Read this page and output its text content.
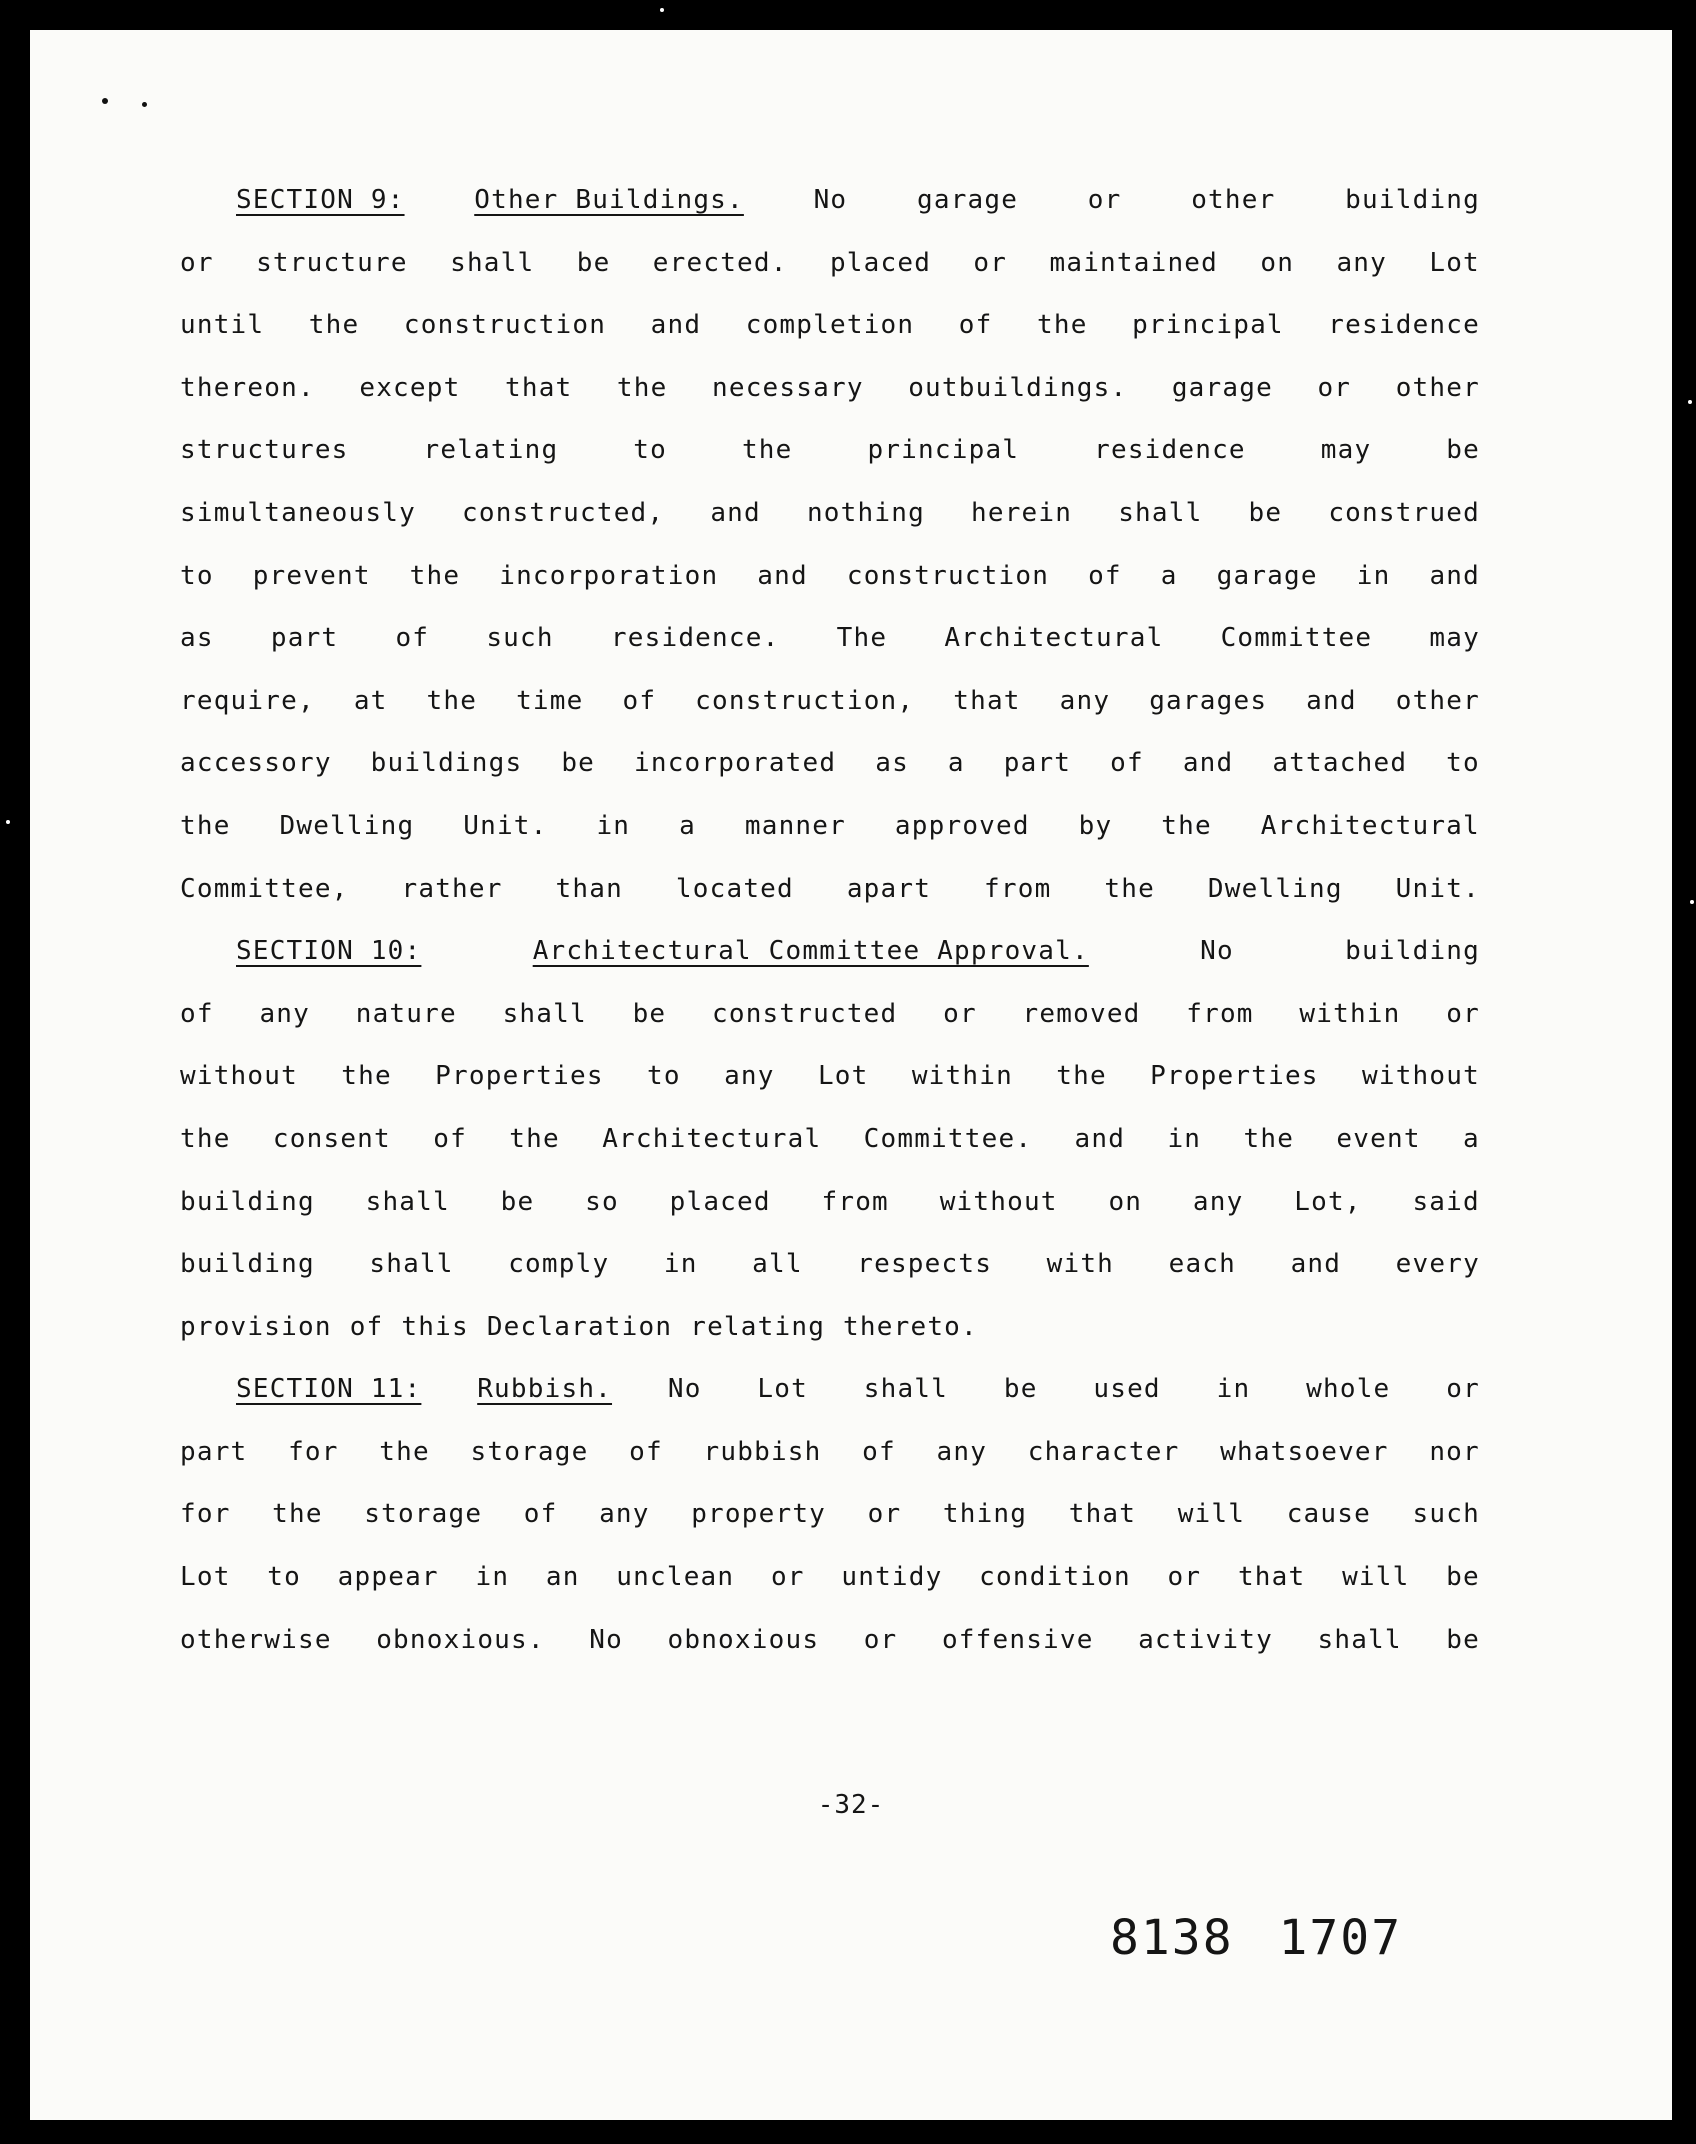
SECTION 9:	Other Buildings.	No	garage	or	other	building
or structure shall be erected. placed or maintained on any Lot
until the construction and completion of the principal residence
thereon. except that the necessary outbuildings. garage or other
structures	relating	to	the	principal	residence	may	be
simultaneously constructed, and nothing herein shall be construed
to prevent the incorporation and construction of a garage in and
as part of such residence. The Architectural Committee may
require, at the time of construction, that any garages and other
accessory buildings be incorporated as a part of and attached to
the Dwelling Unit. in a manner approved by the Architectural
Committee, rather than located apart from the Dwelling Unit.
SECTION 10:	Architectural Committee Approval.	No	building
of any nature shall be constructed or removed from within or
without the Properties to any Lot within the Properties without
the consent of the Architectural Committee. and in the event a
building shall be so placed from without on any Lot, said
building shall comply in all respects with each and every
provision of this Declaration relating thereto.
SECTION 11: Rubbish. No Lot shall be used in whole or
part for the storage of rubbish of any character whatsoever nor
for the storage of any property or thing that will cause such
Lot to appear in an unclean or untidy condition or that will be
otherwise obnoxious. No obnoxious or offensive activity shall be
-32-
8138 1707
